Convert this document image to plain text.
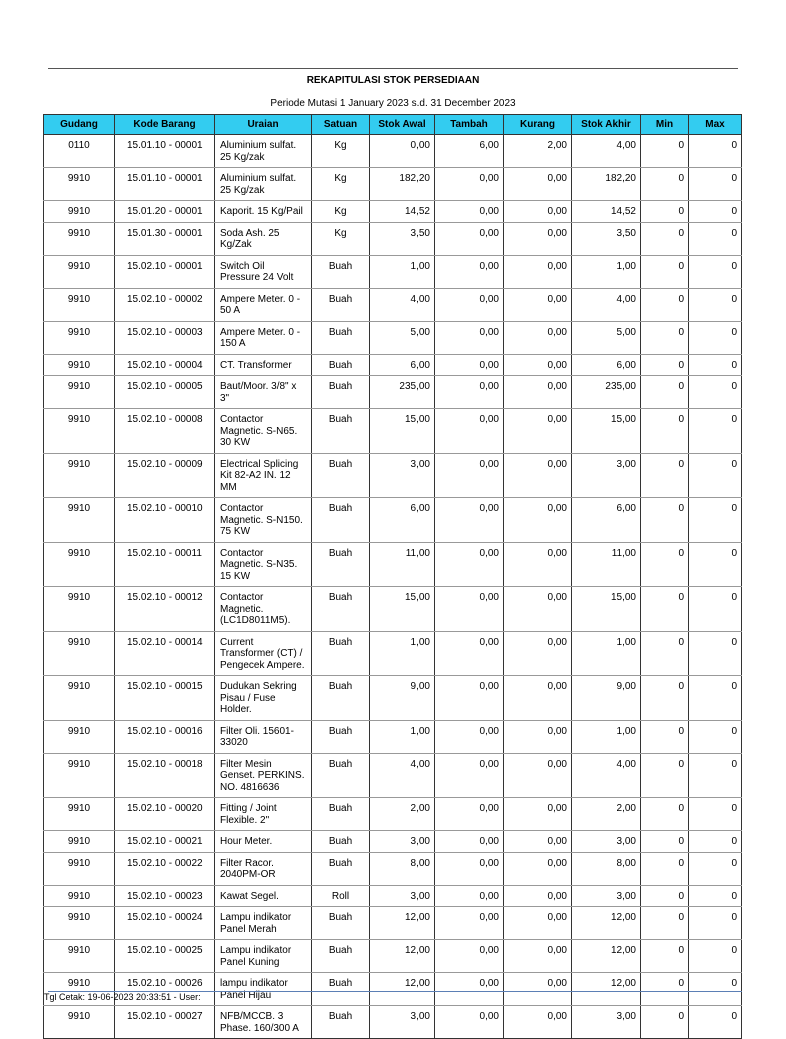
REKAPITULASI STOK PERSEDIAAN
Periode Mutasi 1 January 2023 s.d. 31 December 2023
Gudang	Kode Barang	Uraian	Satuan	Stok Awal	Tambah	Kurang	Stok Akhir	Min	Max
0110	15.01.10 - 00001	Aluminium sulfat. 25 Kg/zak	Kg	0,00	6,00	2,00	4,00	0	0
9910	15.01.10 - 00001	Aluminium sulfat. 25 Kg/zak	Kg	182,20	0,00	0,00	182,20	0	0
9910	15.01.20 - 00001	Kaporit. 15 Kg/Pail	Kg	14,52	0,00	0,00	14,52	0	0
9910	15.01.30 - 00001	Soda Ash. 25 Kg/Zak	Kg	3,50	0,00	0,00	3,50	0	0
9910	15.02.10 - 00001	Switch Oil Pressure 24 Volt	Buah	1,00	0,00	0,00	1,00	0	0
9910	15.02.10 - 00002	Ampere Meter. 0 - 50 A	Buah	4,00	0,00	0,00	4,00	0	0
9910	15.02.10 - 00003	Ampere Meter. 0 - 150 A	Buah	5,00	0,00	0,00	5,00	0	0
9910	15.02.10 - 00004	CT. Transformer	Buah	6,00	0,00	0,00	6,00	0	0
9910	15.02.10 - 00005	Baut/Moor. 3/8" x 3"	Buah	235,00	0,00	0,00	235,00	0	0
9910	15.02.10 - 00008	Contactor Magnetic. S-N65. 30 KW	Buah	15,00	0,00	0,00	15,00	0	0
9910	15.02.10 - 00009	Electrical Splicing Kit 82-A2 IN. 12 MM	Buah	3,00	0,00	0,00	3,00	0	0
9910	15.02.10 - 00010	Contactor Magnetic. S-N150. 75 KW	Buah	6,00	0,00	0,00	6,00	0	0
9910	15.02.10 - 00011	Contactor Magnetic. S-N35. 15 KW	Buah	11,00	0,00	0,00	11,00	0	0
9910	15.02.10 - 00012	Contactor Magnetic. (LC1D8011M5).	Buah	15,00	0,00	0,00	15,00	0	0
9910	15.02.10 - 00014	Current Transformer (CT) / Pengecek Ampere.	Buah	1,00	0,00	0,00	1,00	0	0
9910	15.02.10 - 00015	Dudukan Sekring Pisau / Fuse Holder.	Buah	9,00	0,00	0,00	9,00	0	0
9910	15.02.10 - 00016	Filter Oli. 15601-33020	Buah	1,00	0,00	0,00	1,00	0	0
9910	15.02.10 - 00018	Filter Mesin Genset. PERKINS. NO. 4816636	Buah	4,00	0,00	0,00	4,00	0	0
9910	15.02.10 - 00020	Fitting / Joint Flexible. 2"	Buah	2,00	0,00	0,00	2,00	0	0
9910	15.02.10 - 00021	Hour Meter.	Buah	3,00	0,00	0,00	3,00	0	0
9910	15.02.10 - 00022	Filter Racor. 2040PM-OR	Buah	8,00	0,00	0,00	8,00	0	0
9910	15.02.10 - 00023	Kawat Segel.	Roll	3,00	0,00	0,00	3,00	0	0
9910	15.02.10 - 00024	Lampu indikator Panel Merah	Buah	12,00	0,00	0,00	12,00	0	0
9910	15.02.10 - 00025	Lampu indikator Panel Kuning	Buah	12,00	0,00	0,00	12,00	0	0
9910	15.02.10 - 00026	lampu indikator Panel Hijau	Buah	12,00	0,00	0,00	12,00	0	0
9910	15.02.10 - 00027	NFB/MCCB. 3 Phase. 160/300 A	Buah	3,00	0,00	0,00	3,00	0	0
Tgl Cetak: 19-06-2023 20:33:51 - User:
